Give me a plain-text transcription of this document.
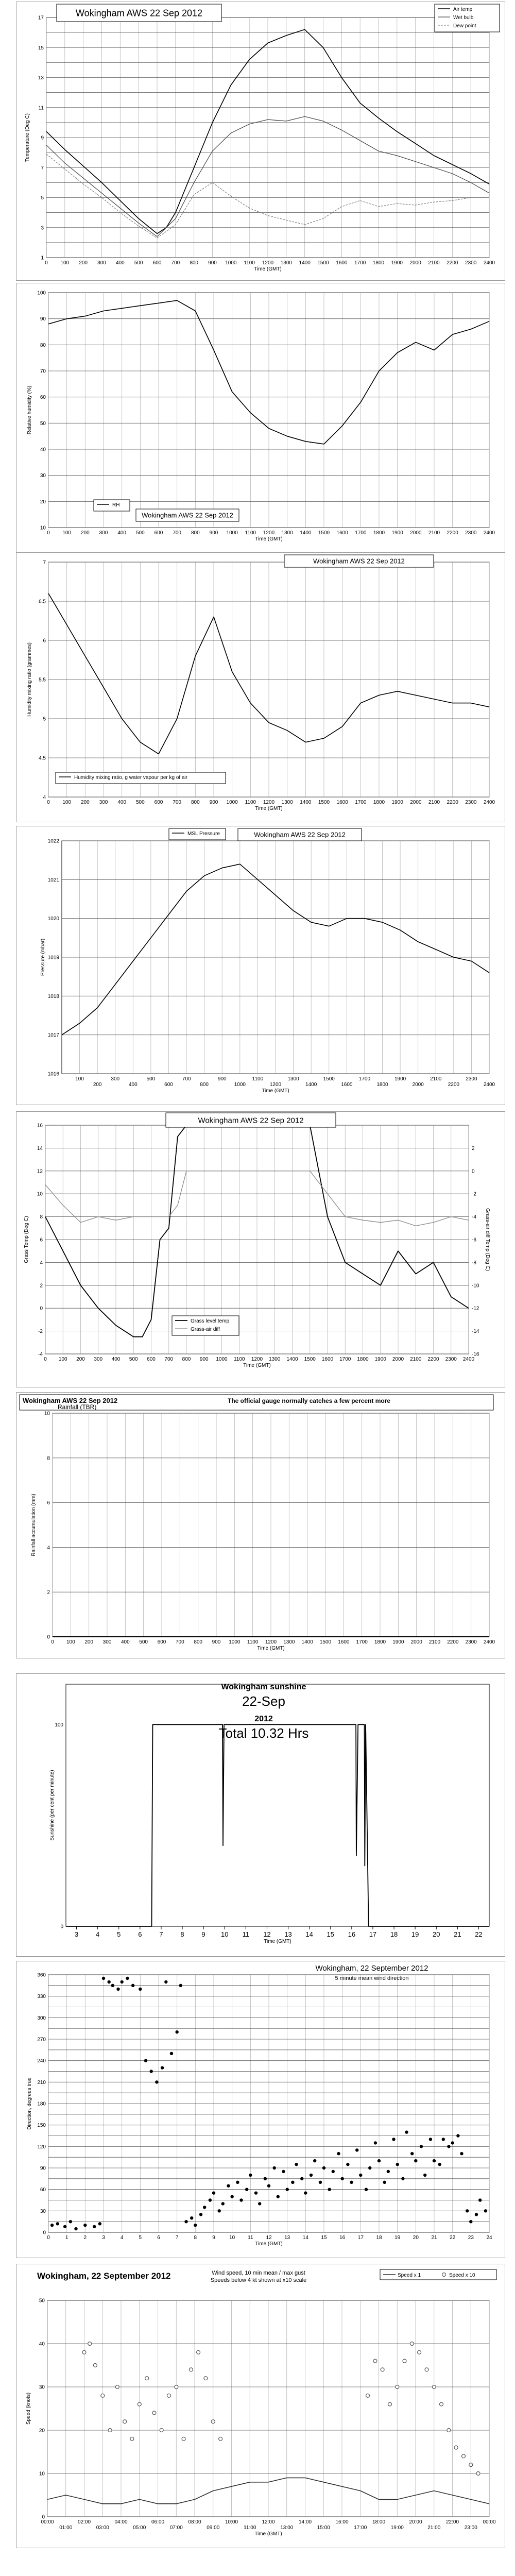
0 100 200 300 400 500 600 700 800 900 1000 1100 1200 1300 1400 1500 1600 1700 1800 1900 2000 2100 2200 2300 2400
1
3
5
7
9
11
13
15
17
Time (GMT)
Temperature (Deg C)
Wokingham AWS 22 Sep 2012	Air temp
Wet bulb
Dew point
0 100 200 300 400 500 600 700 800 900 1000 1100 1200 1300 1400 1500 1600 1700 1800 1900 2000 2100 2200 2300 2400
10
20
30
40
50
60
70
80
90
100
Time (GMT)
Relative humidity (%)
RH
Wokingham AWS 22 Sep 2012
0 100 200 300 400 500 600 700 800 900 1000 1100 1200 1300 1400 1500 1600 1700 1800 1900 2000 2100 2200 2300 2400
4
4.5
5
5.5
6
6.5
7
Time (GMT)
Humidity mixing ratio (grammes)
Wokingham AWS 22 Sep 2012
Humidity mixing ratio, g water vapour per kg of air
100
200
300
400
500
600
700
800
900
1000
1100
1200
1300
1400
1500
1600
1700
1800
1900
2000
2100
2200
2300
2400
1016
1017
1018
1019
1020
1021
1022
Time (GMT)
Pressure (mbar)
MSL Pressure	Wokingham AWS 22 Sep 2012
0 100 200 300 400 500 600 700 800 900 1000 1100 1200 1300 1400 1500 1600 1700 1800 1900 2000 2100 2200 2300 2400
-4
-2
0
2
4
6
8
10
12
14
16
Time (GMT)
Grass Temp (Deg C)
-16
-14
-12
-10
-8
-6
-4
-2
0
2
Grass-air diff Temp (Deg C)
Wokingham AWS 22 Sep 2012
Grass level temp
Grass-air diff
0 100 200 300 400 500 600 700 800 900 1000 1100 1200 1300 1400 1500 1600 1700 1800 1900 2000 2100 2200 2300 2400
0
2
4
6
8
10
Time (GMT)
Rainfall accumulation (mm)
Wokingham AWS 22 Sep 2012
Rainfall (TBR)
The official gauge normally catches a few percent more
3	4	5	6	7	8	9 10 11 12 13 14 15 16 17 18 19 20 21 22
0
100
Time (GMT)
Sunshine (per cent per minute)
Wokingham sunshine
22-Sep
2012
Total 10.32 Hrs
0	1	2	3	4	5	6	7	8	9	10 11 12 13 14 15 16 17 18 19 20 21 22 23 24
0
30
60
90
120
150
180
210
240
270
300
330
360
Time (GMT)
Direction, degrees true
Wokingham, 22 September 2012
5 minute mean wind direction
00:00
01:00
02:00
03:00
04:00
05:00
06:00
07:00
08:00
09:00
10:00
11:00
12:00
13:00
14:00
15:00
16:00
17:00
18:00
19:00
20:00
21:00
22:00
23:00
00:00
0
10
20
30
40
50
Time (GMT)
Speed (knots)
Wokingham, 22 September 2012	Wind speed, 10 min mean / max gust
Speeds below 4 kt shown at x10 scale
Speed x 1	Speed x 10
